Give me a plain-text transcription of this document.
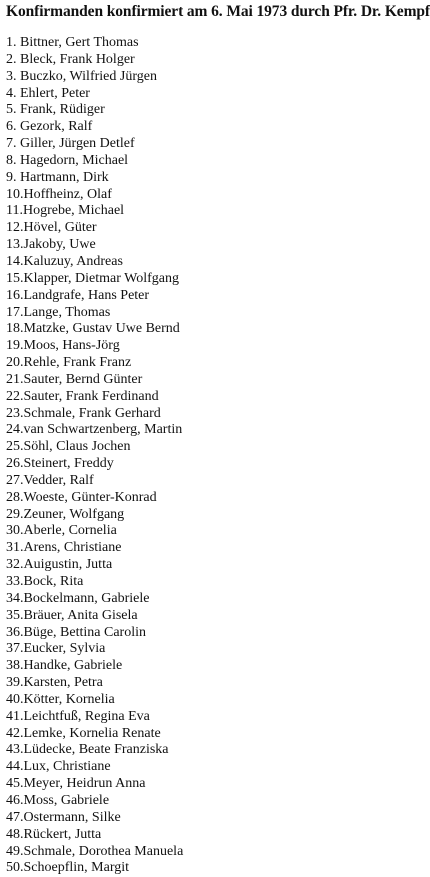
Konfirmanden konfirmiert am 6. Mai 1973 durch Pfr. Dr. Kempf
1. Bittner, Gert Thomas
2. Bleck, Frank Holger
3. Buczko, Wilfried Jürgen
4. Ehlert, Peter
5. Frank, Rüdiger
6. Gezork, Ralf
7. Giller, Jürgen Detlef
8. Hagedorn, Michael
9. Hartmann, Dirk
10.Hoffheinz, Olaf
11.Hogrebe, Michael
12.Hövel, Güter
13.Jakoby, Uwe
14.Kaluzuy, Andreas
15.Klapper, Dietmar Wolfgang
16.Landgrafe, Hans Peter
17.Lange, Thomas
18.Matzke, Gustav Uwe Bernd
19.Moos, Hans-Jörg
20.Rehle, Frank Franz
21.Sauter, Bernd Günter
22.Sauter, Frank Ferdinand
23.Schmale, Frank Gerhard
24.van Schwartzenberg, Martin
25.Söhl, Claus Jochen
26.Steinert, Freddy
27.Vedder, Ralf
28.Woeste, Günter-Konrad
29.Zeuner, Wolfgang
30.Aberle, Cornelia
31.Arens, Christiane
32.Auigustin, Jutta
33.Bock, Rita
34.Bockelmann, Gabriele
35.Bräuer, Anita Gisela
36.Büge, Bettina Carolin
37.Eucker, Sylvia
38.Handke, Gabriele
39.Karsten, Petra
40.Kötter, Kornelia
41.Leichtfuß, Regina Eva
42.Lemke, Kornelia Renate
43.Lüdecke, Beate Franziska
44.Lux, Christiane
45.Meyer, Heidrun Anna
46.Moss, Gabriele
47.Ostermann, Silke
48.Rückert, Jutta
49.Schmale, Dorothea Manuela
50.Schoepflin, Margit
